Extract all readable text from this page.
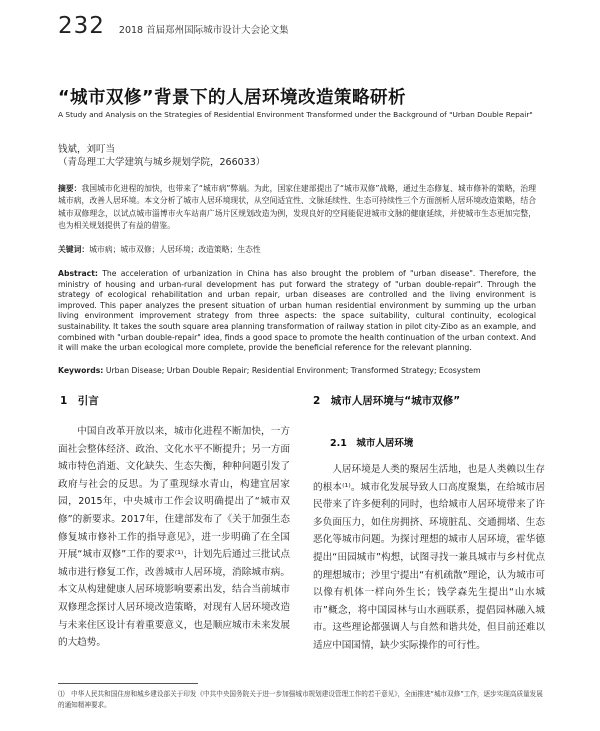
232 2018 首届郑州国际城市设计大会论文集
“城市双修”背景下的人居环境改造策略研析
A Study and Analysis on the Strategies of Residential Environment Transformed under the Background of "Urban Double Repair"
钱斌，刘叮当
（青岛理工大学建筑与城乡规划学院，266033）
摘要：我国城市化进程的加快，也带来了“城市病”弊端。为此，国家住建部提出了“城市双修”战略，通过生态修复、城市修补的策略，治理城市病，改善人居环境。本文分析了城市人居环境现状，从空间适宜性、文脉延续性、生态可持续性三个方面剖析人居环境改造策略，结合城市双修理念，以试点城市淄博市火车站南广场片区规划改造为例，发现良好的空间能促进城市文脉的健康延续，并使城市生态更加完整，也为相关规划提供了有益的借鉴。
关键词：城市病；城市双修；人居环境；改造策略；生态性
Abstract: The acceleration of urbanization in China has also brought the problem of "urban disease". Therefore, the ministry of housing and urban-rural development has put forward the strategy of "urban double-repair". Through the strategy of ecological rehabilitation and urban repair, urban diseases are controlled and the living environment is improved. This paper analyzes the present situation of urban human residential environment by summing up the urban living environment improvement strategy from three aspects: the space suitability, cultural continuity, ecological sustainability. It takes the south square area planning transformation of railway station in pilot city-Zibo as an example, and combined with "urban double-repair" idea, finds a good space to promote the health continuation of the urban context. And it will make the urban ecological more complete, provide the beneficial reference for the relevant planning.
Keywords: Urban Disease; Urban Double Repair; Residential Environment; Transformed Strategy; Ecosystem
1　引言

中国自改革开放以来，城市化进程不断加快，一方面社会整体经济、政治、文化水平不断提升；另一方面城市特色消逝、文化缺失、生态失衡，种种问题引发了政府与社会的反思。为了重现绿水青山，构建宜居家园，2015年，中央城市工作会议明确提出了“城市双修”的新要求。2017年，住建部发布了《关于加强生态修复城市修补工作的指导意见》，进一步明确了在全国开展“城市双修”工作的要求⁽¹⁾，计划先后通过三批试点城市进行修复工作，改善城市人居环境，消除城市病。本文从构建健康人居环境影响要素出发，结合当前城市双修理念探讨人居环境改造策略，对现有人居环境改造与未来住区设计有着重要意义，也是顺应城市未来发展的大趋势。

2　城市人居环境与“城市双修”
2.1　城市人居环境

人居环境是人类的聚居生活地，也是人类赖以生存的根本⁽¹⁾。城市化发展导致人口高度聚集，在给城市居民带来了许多便利的同时，也给城市人居环境带来了许多负面压力，如住房拥挤、环境脏乱、交通拥堵、生态恶化等城市问题。为探讨理想的城市人居环境，霍华德提出“田园城市”构想，试图寻找一兼具城市与乡村优点的理想城市；沙里宁提出“有机疏散”理论，认为城市可以像有机体一样向外生长；钱学森先生提出“山水城市”概念，将中国园林与山水画联系，提倡园林融入城市。这些理论都强调人与自然和谐共处，但目前还难以适应中国国情，缺少实际操作的可行性。

⑴　中华人民共和国住房和城乡建设部关于印发《中共中央国务院关于进一步加强城市规划建设管理工作的若干意见》，全面推进“城市双修”工作，逐步实现高质量发展的通知精神要求。
